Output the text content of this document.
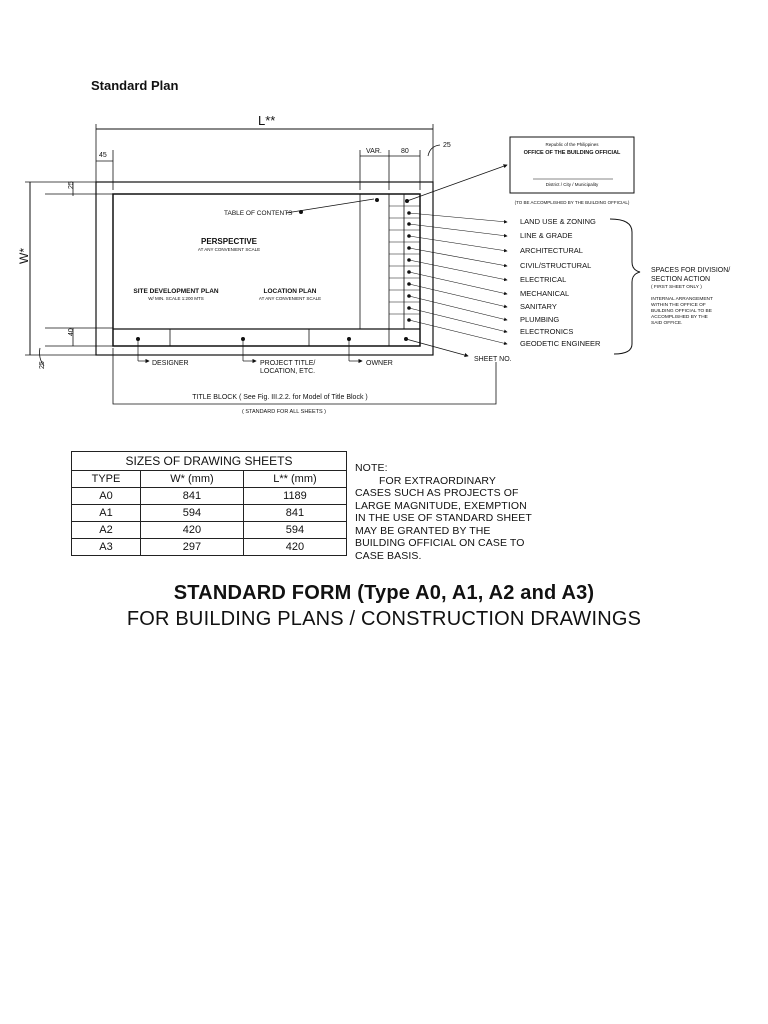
Standard Plan
L**
45
VAR.	80
25
W*
25
40
25
TABLE OF CONTENTS
PERSPECTIVE
AT ANY CONVENIENT SCALE
SITE DEVELOPMENT PLAN
W/ MIN. SCALE 1:200 MTS
LOCATION PLAN
AT ANY CONVENIENT SCALE
DESIGNER	PROJECT TITLE/
LOCATION, ETC.
OWNER
SHEET NO.
TITLE BLOCK ( See Fig. III.2.2. for Model of Title Block )
( STANDARD FOR ALL SHEETS )
Republic of the Philippines
OFFICE OF THE BUILDING OFFICIAL
District / City / Municipality
(TO BE ACCOMPLISHED BY THE BUILDING OFFICIAL)
LAND USE & ZONING
LINE & GRADE
ARCHITECTURAL
CIVIL/STRUCTURAL
ELECTRICAL
MECHANICAL
SANITARY
PLUMBING
ELECTRONICS
GEODETIC ENGINEER
SPACES FOR DIVISION/
SECTION ACTION
( FIRST SHEET ONLY )
INTERNAL ARRANGEMENT
WITHIN THE OFFICE OF
BUILDING OFFICIAL TO BE
ACCOMPLISHED BY THE
SAID OFFICE.
SIZES OF DRAWING SHEETS		
TYPE	W* (mm)	L** (mm)
A0	841	1189
A1	594	841
A2	420	594
A3	297	420
NOTE:
FOR EXTRAORDINARY
CASES SUCH AS PROJECTS OF
LARGE MAGNITUDE, EXEMPTION
IN THE USE OF STANDARD SHEET
MAY BE GRANTED BY THE
BUILDING OFFICIAL ON CASE TO
CASE BASIS.
STANDARD FORM (Type A0, A1, A2 and A3)
FOR BUILDING PLANS / CONSTRUCTION DRAWINGS
